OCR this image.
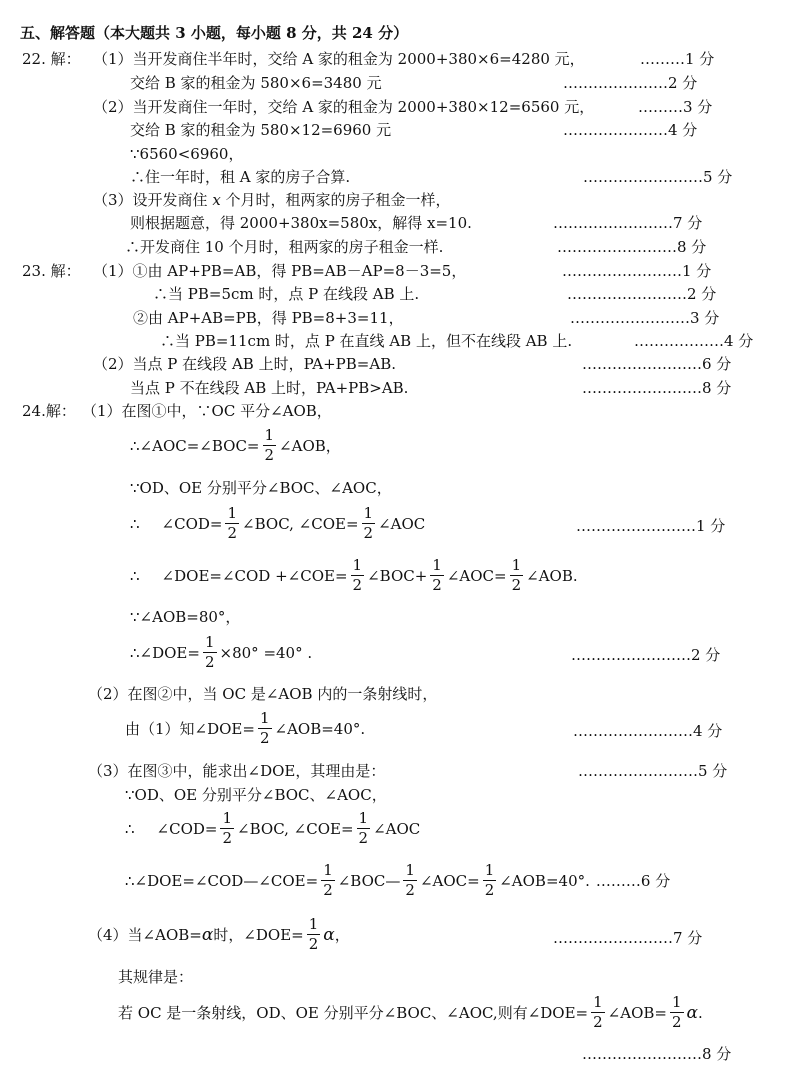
五、解答题（本大题共 3 小题，每小题 8 分，共 24 分）
22. 解： （1）当开发商住半年时，交给 A 家的租金为 2000+380×6=4280 元，	………1 分
交给 B 家的租金为 580×6=3480 元	…………………2 分
（2）当开发商住一年时，交给 A 家的租金为 2000+380×12=6560 元，	………3 分
交给 B 家的租金为 580×12=6960 元	…………………4 分
∵6560<6960，
∴住一年时，租 A 家的房子合算.	……………………5 分
（3）设开发商住 x 个月时，租两家的房子租金一样，
则根据题意，得 2000+380x=580x，解得 x=10.	……………………7 分
∴开发商住 10 个月时，租两家的房子租金一样.	……………………8 分
23. 解： （1）①由 AP+PB=AB，得 PB=AB－AP=8－3=5，	……………………1 分
∴当 PB=5cm 时，点 P 在线段 AB 上.	……………………2 分
②由 AP+AB=PB，得 PB=8+3=11，	……………………3 分
∴当 PB=11cm 时，点 P 在直线 AB 上，但不在线段 AB 上.	………………4 分
（2）当点 P 在线段 AB 上时，PA+PB=AB.	……………………6 分
当点 P 不在线段 AB 上时，PA+PB>AB.	……………………8 分
24.解： （1）在图①中，∵OC 平分∠AOB，
∴∠AOC=∠BOC= $\frac{1}{2}$ ∠AOB，
∵OD、OE 分别平分∠BOC、∠AOC，
∴ ∠COD= $\frac{1}{2}$ ∠BOC, ∠COE= $\frac{1}{2}$ ∠AOC	……………………1 分
∴ ∠DOE=∠COD +∠COE= $\frac{1}{2}$ ∠BOC+ $\frac{1}{2}$ ∠AOC= $\frac{1}{2}$ ∠AOB.
∵∠AOB=80°，
∴∠DOE= $\frac{1}{2} \times 80^\circ =40^\circ$ .	……………………2 分
（2）在图②中，当 OC 是∠AOB 内的一条射线时，
由（1）知∠DOE= $\frac{1}{2}$ ∠AOB=40°.	……………………4 分
（3）在图③中，能求出∠DOE，其理由是：	……………………5 分
∵OD、OE 分别平分∠BOC、∠AOC，
∴ ∠COD= $\frac{1}{2}$ ∠BOC, ∠COE= $\frac{1}{2}$ ∠AOC
∴∠DOE=∠COD—∠COE= $\frac{1}{2}$ ∠BOC— $\frac{1}{2}$ ∠AOC= $\frac{1}{2}$ ∠AOB=40°. ………6 分
（4）当∠AOB=α时，∠DOE= $\frac{1}{2}$ α，	……………………7 分
其规律是：
若 OC 是一条射线，OD、OE 分别平分∠BOC、∠AOC,则有∠DOE= $\frac{1}{2}$ ∠AOB= $\frac{1}{2} \alpha$.
……………………8 分
